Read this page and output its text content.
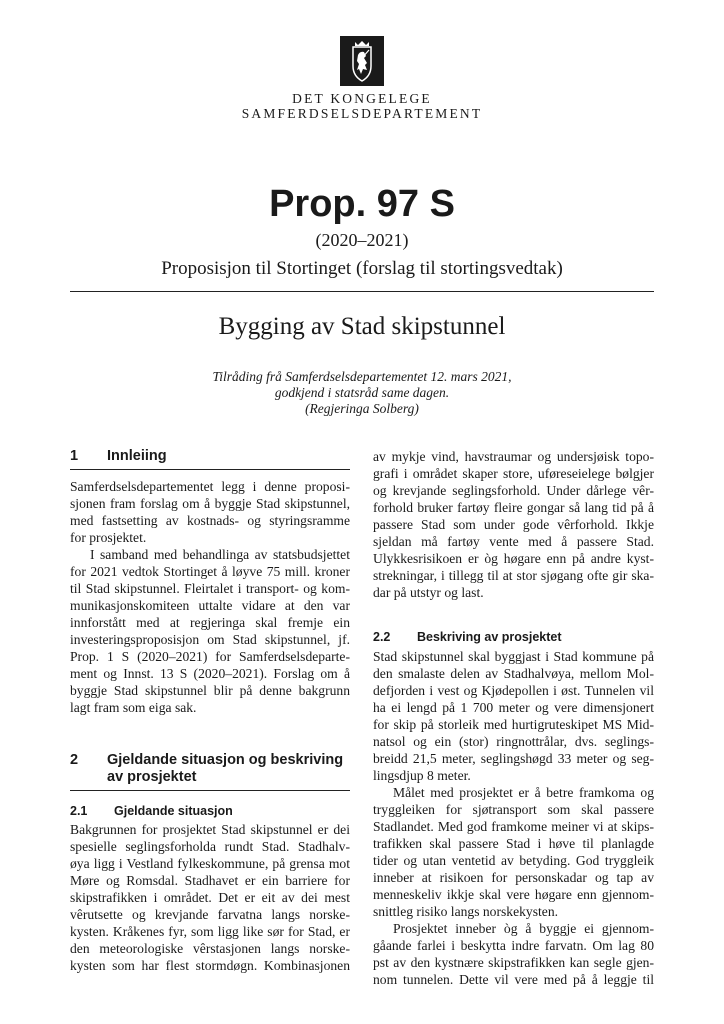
DET KONGELEGE
SAMFERDSELSDEPARTEMENT
Prop. 97 S
(2020–2021)
Proposisjon til Stortinget (forslag til stortingsvedtak)
Bygging av Stad skipstunnel
Tilråding frå Samferdselsdepartementet 12. mars 2021,
godkjend i statsråd same dagen.
(Regjeringa Solberg)
1	Innleiing
Samferdselsdepartementet legg i denne proposi-
sjonen fram forslag om å byggje Stad skipstunnel,
med fastsetting av kostnads- og styringsramme
for prosjektet.
I samband med behandlinga av statsbudsjettet
for 2021 vedtok Stortinget å løyve 75 mill. kroner
til Stad skipstunnel. Fleirtalet i transport- og kom-
munikasjonskomiteen uttalte vidare at den var
innforstått med at regjeringa skal fremje ein
investeringsproposisjon om Stad skipstunnel, jf.
Prop. 1 S (2020–2021) for Samferdselsdeparte-
ment og Innst. 13 S (2020–2021). Forslag om å
byggje Stad skipstunnel blir på denne bakgrunn
lagt fram som eiga sak.
2	Gjeldande situasjon og beskriving
av prosjektet
2.1	Gjeldande situasjon
Bakgrunnen for prosjektet Stad skipstunnel er dei
spesielle seglingsforholda rundt Stad. Stadhalv-
øya ligg i Vestland fylkeskommune, på grensa mot
Møre og Romsdal. Stadhavet er ein barriere for
skipstrafikken i området. Det er eit av dei mest
vêrutsette og krevjande farvatna langs norske-
kysten. Kråkenes fyr, som ligg like sør for Stad, er
den meteorologiske vêrstasjonen langs norske-
kysten som har flest stormdøgn. Kombinasjonen
av mykje vind, havstraumar og undersjøisk topo-
grafi i området skaper store, uføreseielege bølgjer
og krevjande seglingsforhold. Under dårlege vêr-
forhold bruker fartøy fleire gongar så lang tid på å
passere Stad som under gode vêrforhold. Ikkje
sjeldan må fartøy vente med å passere Stad.
Ulykkesrisikoen er òg høgare enn på andre kyst-
strekningar, i tillegg til at stor sjøgang ofte gir ska-
dar på utstyr og last.
2.2	Beskriving av prosjektet
Stad skipstunnel skal byggjast i Stad kommune på
den smalaste delen av Stadhalvøya, mellom Mol-
defjorden i vest og Kjødepollen i øst. Tunnelen vil
ha ei lengd på 1 700 meter og vere dimensjonert
for skip på storleik med hurtigruteskipet MS Mid-
natsol og ein (stor) ringnottrålar, dvs. seglings-
breidd 21,5 meter, seglingshøgd 33 meter og seg-
lingsdjup 8 meter.
Målet med prosjektet er å betre framkoma og
tryggleiken for sjøtransport som skal passere
Stadlandet. Med god framkome meiner vi at skips-
trafikken skal passere Stad i høve til planlagde
tider og utan ventetid av betyding. God tryggleik
inneber at risikoen for personskadar og tap av
menneskeliv ikkje skal vere høgare enn gjennom-
snittleg risiko langs norskekysten.
Prosjektet inneber òg å byggje ei gjennom-
gåande farlei i beskytta indre farvatn. Om lag 80
pst av den kystnære skipstrafikken kan segle gjen-
nom tunnelen. Dette vil vere med på å leggje til
